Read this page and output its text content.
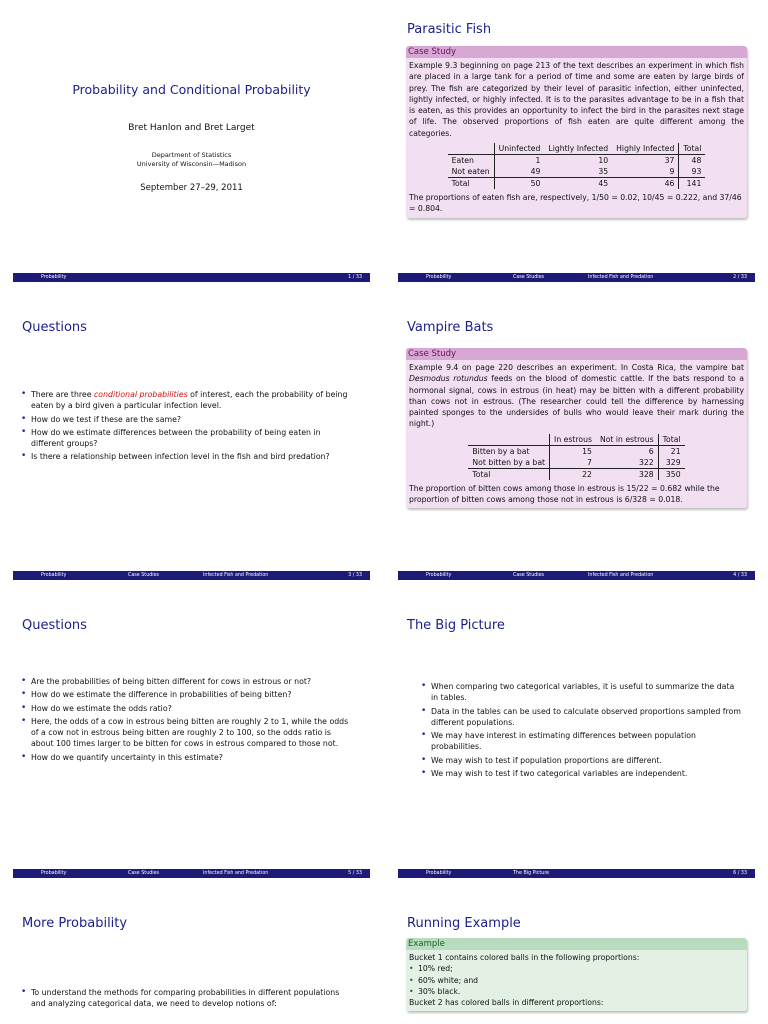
Probability and Conditional Probability
Bret Hanlon and Bret Larget
Department of Statistics
University of Wisconsin—Madison
September 27–29, 2011
Probability	1 / 33
Parasitic Fish
Case Study
Example 9.3 beginning on page 213 of the text describes an experiment in which fish are placed in a large tank for a period of time and some are eaten by large birds of prey. The fish are categorized by their level of parasitic infection, either uninfected, lightly infected, or highly infected. It is to the parasites advantage to be in a fish that is eaten, as this provides an opportunity to infect the bird in the parasites next stage of life. The observed proportions of fish eaten are quite different among the categories.
	Uninfected	Lightly Infected	Highly Infected	Total
Eaten	1	10	37	48
Not eaten	49	35	9	93
Total	50	45	46	141
The proportions of eaten fish are, respectively, 1/50 = 0.02, 10/45 = 0.222, and 37/46 = 0.804.
Probability	Case Studies	Infected Fish and Predation	2 / 33
Questions
• There are three conditional probabilities of interest, each the probability of being eaten by a bird given a particular infection level.
• How do we test if these are the same?
• How do we estimate differences between the probability of being eaten in different groups?
• Is there a relationship between infection level in the fish and bird predation?
Probability	Case Studies	Infected Fish and Predation	3 / 33
Vampire Bats
Case Study
Example 9.4 on page 220 describes an experiment. In Costa Rica, the vampire bat Desmodus rotundus feeds on the blood of domestic cattle. If the bats respond to a hormonal signal, cows in estrous (in heat) may be bitten with a different probability than cows not in estrous. (The researcher could tell the difference by harnessing painted sponges to the undersides of bulls who would leave their mark during the night.)
	In estrous	Not in estrous	Total
Bitten by a bat	15	6	21
Not bitten by a bat	7	322	329
Total	22	328	350
The proportion of bitten cows among those in estrous is 15/22 = 0.682 while the proportion of bitten cows among those not in estrous is 6/328 = 0.018.
Probability	Case Studies	Infected Fish and Predation	4 / 33
Questions
• Are the probabilities of being bitten different for cows in estrous or not?
• How do we estimate the difference in probabilities of being bitten?
• How do we estimate the odds ratio?
• Here, the odds of a cow in estrous being bitten are roughly 2 to 1, while the odds of a cow not in estrous being bitten are roughly 2 to 100, so the odds ratio is about 100 times larger to be bitten for cows in estrous compared to those not.
• How do we quantify uncertainty in this estimate?
Probability	Case Studies	Infected Fish and Predation	5 / 33
The Big Picture
• When comparing two categorical variables, it is useful to summarize the data in tables.
• Data in the tables can be used to calculate observed proportions sampled from different populations.
• We may have interest in estimating differences between population probabilities.
• We may wish to test if population proportions are different.
• We may wish to test if two categorical variables are independent.
Probability	The Big Picture	6 / 33
More Probability
• To understand the methods for comparing probabilities in different populations and analyzing categorical data, we need to develop notions of:
Running Example
Example
Bucket 1 contains colored balls in the following proportions:
• 10% red;
• 60% white; and
• 30% black.
Bucket 2 has colored balls in different proportions:
